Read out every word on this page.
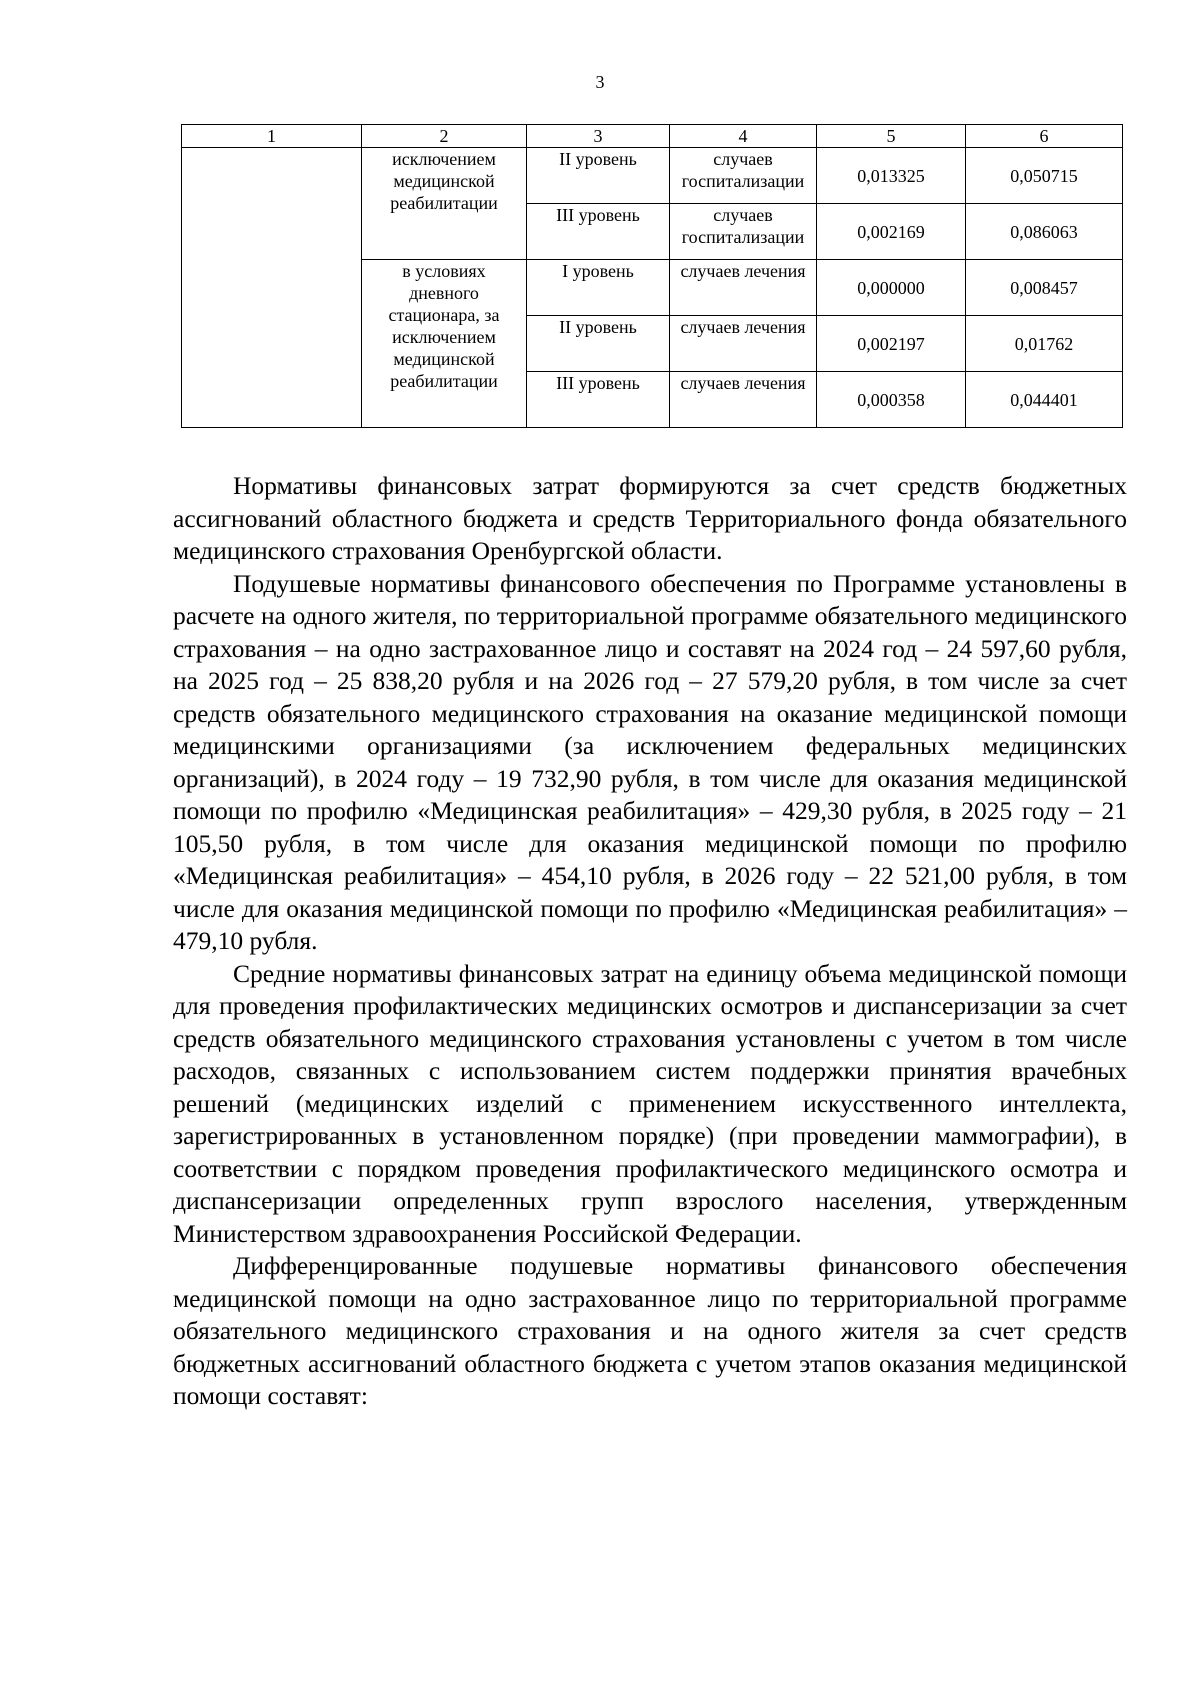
3
1	2	3	4	5	6
	исключением медицинской реабилитации	II уровень	случаев госпитализации	0,013325	0,050715
		III уровень	случаев госпитализации	0,002169	0,086063
	в условиях дневного стационара, за исключением медицинской реабилитации	I уровень	случаев лечения	0,000000	0,008457
		II уровень	случаев лечения	0,002197	0,01762
		III уровень	случаев лечения	0,000358	0,044401

Нормативы финансовых затрат формируются за счет средств бюджетных ассигнований областного бюджета и средств Территориального фонда обязательного медицинского страхования Оренбургской области.

Подушевые нормативы финансового обеспечения по Программе установлены в расчете на одного жителя, по территориальной программе обязательного медицинского страхования – на одно застрахованное лицо и составят на 2024 год – 24 597,60 рубля, на 2025 год – 25 838,20 рубля и на 2026 год – 27 579,20 рубля, в том числе за счет средств обязательного медицинского страхования на оказание медицинской помощи медицинскими организациями (за исключением федеральных медицинских организаций), в 2024 году – 19 732,90 рубля, в том числе для оказания медицинской помощи по профилю «Медицинская реабилитация» – 429,30 рубля, в 2025 году – 21 105,50 рубля, в том числе для оказания медицинской помощи по профилю «Медицинская реабилитация» – 454,10 рубля, в 2026 году – 22 521,00 рубля, в том числе для оказания медицинской помощи по профилю «Медицинская реабилитация» – 479,10 рубля.

Средние нормативы финансовых затрат на единицу объема медицинской помощи для проведения профилактических медицинских осмотров и диспансеризации за счет средств обязательного медицинского страхования установлены с учетом в том числе расходов, связанных с использованием систем поддержки принятия врачебных решений (медицинских изделий с применением искусственного интеллекта, зарегистрированных в установленном порядке) (при проведении маммографии), в соответствии с порядком проведения профилактического медицинского осмотра и диспансеризации определенных групп взрослого населения, утвержденным Министерством здравоохранения Российской Федерации.

Дифференцированные подушевые нормативы финансового обеспечения медицинской помощи на одно застрахованное лицо по территориальной программе обязательного медицинского страхования и на одного жителя за счет средств бюджетных ассигнований областного бюджета с учетом этапов оказания медицинской помощи составят:
